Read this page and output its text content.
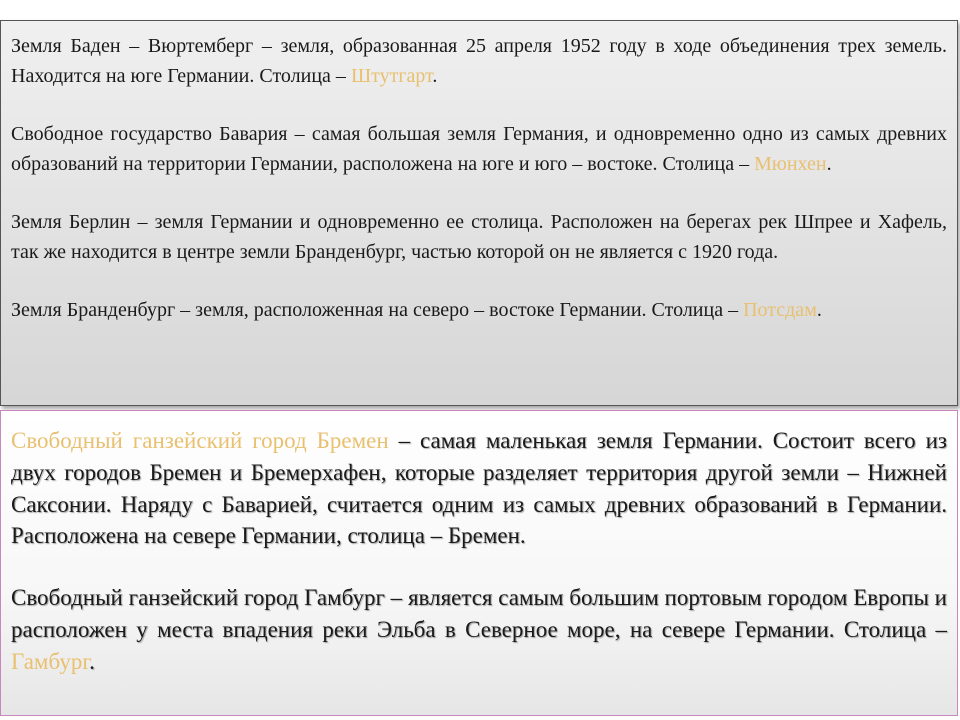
Земля Баден – Вюртемберг – земля, образованная 25 апреля 1952 году в ходе объединения трех земель. Находится на юге Германии. Столица – Штутгарт.

Свободное государство Бавария – самая большая земля Германия, и одновременно одно из самых древних образований на территории Германии, расположена на юге и юго – востоке. Столица – Мюнхен.

Земля Берлин – земля Германии и одновременно ее столица. Расположен на берегах рек Шпрее и Хафель, так же находится в центре земли Бранденбург, частью которой он не является с 1920 года.

Земля Бранденбург – земля, расположенная на северо – востоке Германии. Столица – Потсдам.

Свободный ганзейский город Бремен – самая маленькая земля Германии. Состоит всего из двух городов Бремен и Бремерхафен, которые разделяет территория другой земли – Нижней Саксонии. Наряду с Баварией, считается одним из самых древних образований в Германии. Расположена на севере Германии, столица – Бремен.

Свободный ганзейский город Гамбург – является самым большим портовым городом Европы и расположен у места впадения реки Эльба в Северное море, на севере Германии. Столица – Гамбург.
